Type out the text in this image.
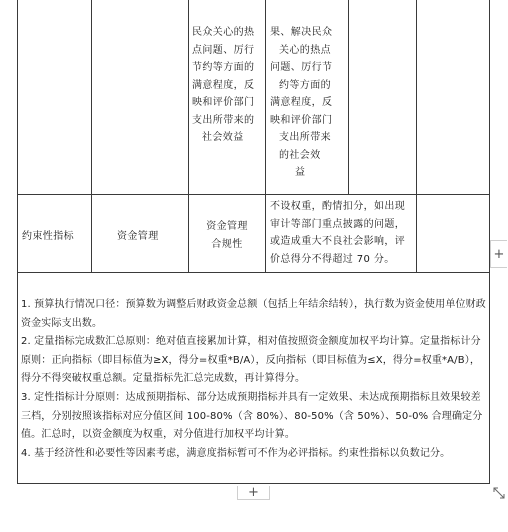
民众关心的热
点问题、厉行
节约等方面的
满意程度，反
映和评价部门
支出所带来的
社会效益
果、解决民众
关心的热点
问题、厉行节
约等方面的
满意程度，反
映和评价部门
支出所带来
的社会效
益
约束性指标	资金管理
资金管理
合规性
不设权重，酌情扣分，如出现
审计等部门重点披露的问题，
或造成重大不良社会影响，评
价总得分不得超过 70 分。

1. 预算执行情况口径：预算数为调整后财政资金总额（包括上年结余结转），执行数为资金使用单位财政资金实际支出数。

2. 定量指标完成数汇总原则：绝对值直接累加计算，相对值按照资金额度加权平均计算。定量指标计分原则：正向指标（即目标值为≥X，得分=权重*B/A），反向指标（即目标值为≤X，得分=权重*A/B），得分不得突破权重总额。定量指标先汇总完成数，再计算得分。

3. 定性指标计分原则：达成预期指标、部分达成预期指标并具有一定效果、未达成预期指标且效果较差三档，分别按照该指标对应分值区间 100-80%（含 80%）、80-50%（含 50%）、50-0% 合理确定分值。汇总时，以资金额度为权重，对分值进行加权平均计算。

4. 基于经济性和必要性等因素考虑，满意度指标暂可不作为必评指标。约束性指标以负数记分。

+
+
